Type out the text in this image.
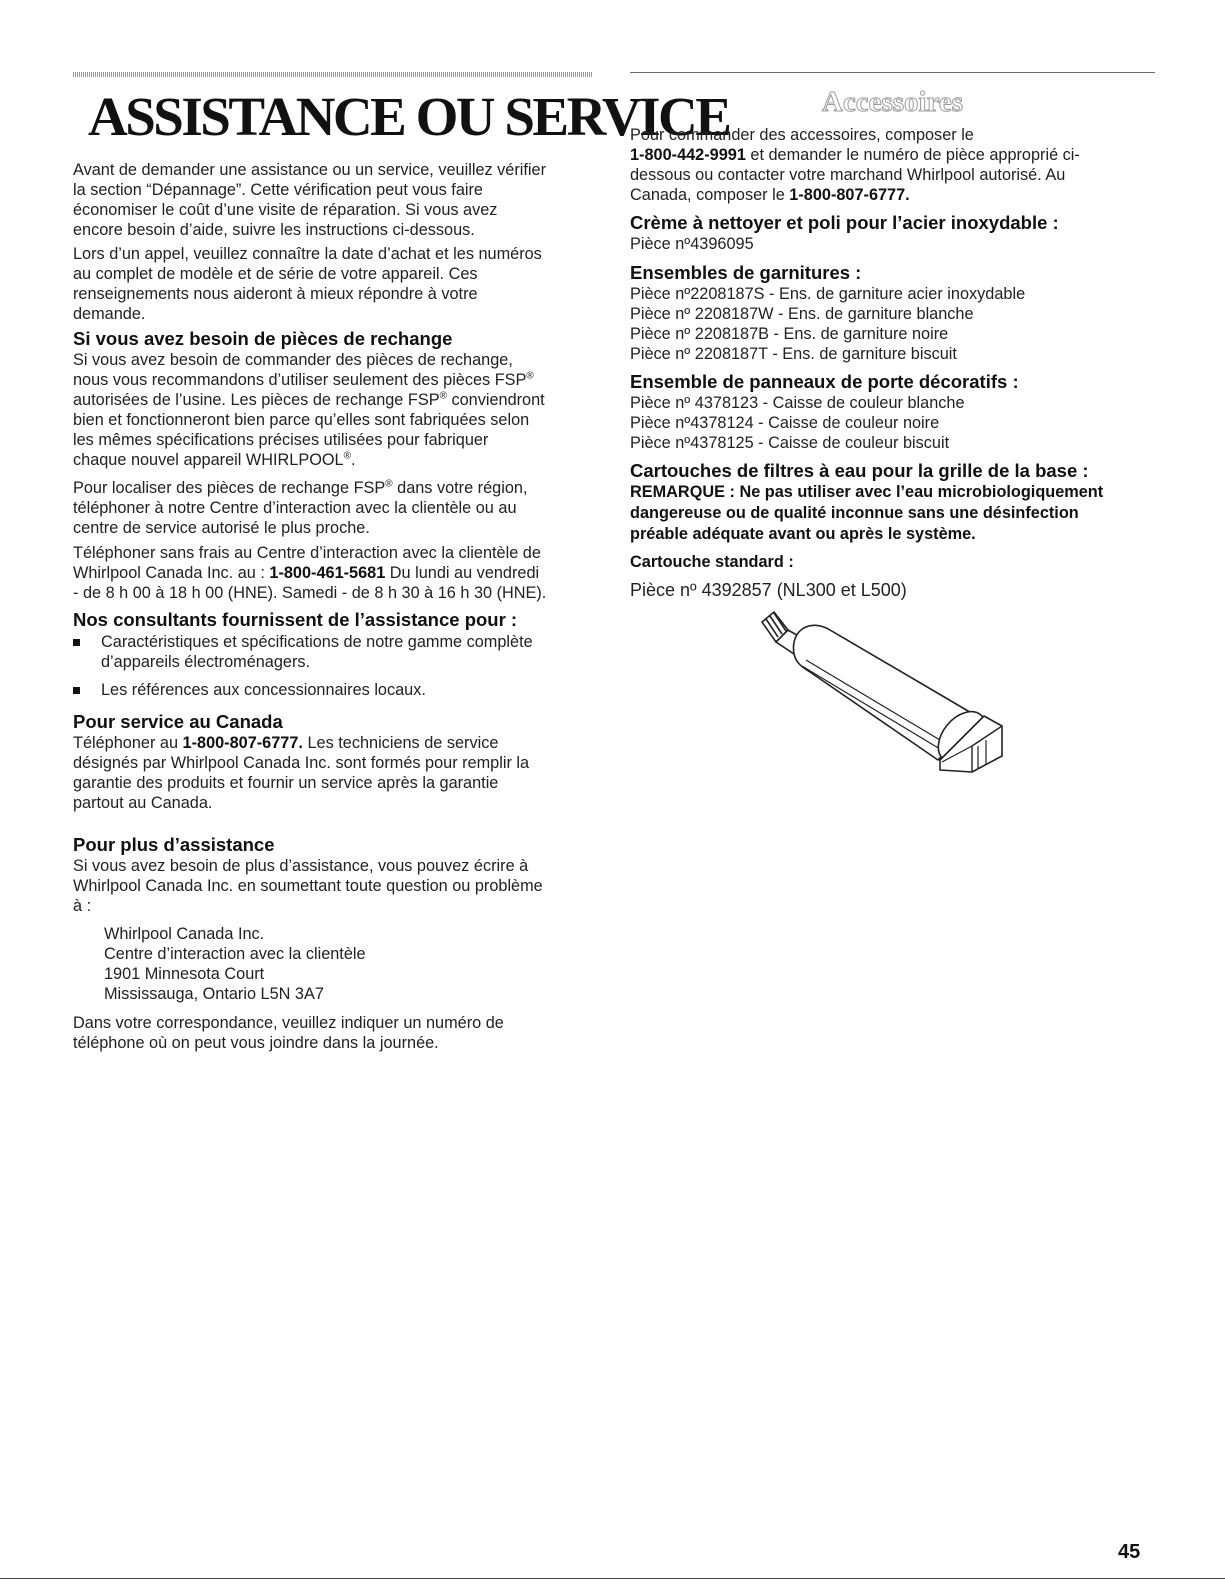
ASSISTANCE OU SERVICE	Accessoires

Avant de demander une assistance ou un service, veuillez vérifier

la section “Dépannage”. Cette vérification peut vous faire

économiser le coût d’une visite de réparation. Si vous avez

encore besoin d’aide, suivre les instructions ci-dessous.

Lors d’un appel, veuillez connaître la date d’achat et les numéros

au complet de modèle et de série de votre appareil. Ces

renseignements nous aideront à mieux répondre à votre

demande.

Si vous avez besoin de pièces de rechange

Si vous avez besoin de commander des pièces de rechange,

nous vous recommandons d’utiliser seulement des pièces FSP®

autorisées de l’usine. Les pièces de rechange FSP® conviendront

bien et fonctionneront bien parce qu’elles sont fabriquées selon

les mêmes spécifications précises utilisées pour fabriquer

chaque nouvel appareil WHIRLPOOL®.

Pour localiser des pièces de rechange FSP® dans votre région,

téléphoner à notre Centre d’interaction avec la clientèle ou au

centre de service autorisé le plus proche.

Téléphoner sans frais au Centre d’interaction avec la clientèle de

Whirlpool Canada Inc. au : 1-800-461-5681 Du lundi au vendredi

- de 8 h 00 à 18 h 00 (HNE). Samedi - de 8 h 30 à 16 h 30 (HNE).

Nos consultants fournissent de l’assistance pour :

Caractéristiques et spécifications de notre gamme complète

d’appareils électroménagers.

Les références aux concessionnaires locaux.

Pour service au Canada

Téléphoner au 1-800-807-6777. Les techniciens de service

désignés par Whirlpool Canada Inc. sont formés pour remplir la

garantie des produits et fournir un service après la garantie

partout au Canada.

Pour plus d’assistance

Si vous avez besoin de plus d’assistance, vous pouvez écrire à

Whirlpool Canada Inc. en soumettant toute question ou problème

à :

Whirlpool Canada Inc.

Centre d’interaction avec la clientèle

1901 Minnesota Court

Mississauga, Ontario L5N 3A7

Dans votre correspondance, veuillez indiquer un numéro de

téléphone où on peut vous joindre dans la journée.

Pour commander des accessoires, composer le

1-800-442-9991 et demander le numéro de pièce approprié ci-

dessous ou contacter votre marchand Whirlpool autorisé. Au

Canada, composer le 1-800-807-6777.

Crème à nettoyer et poli pour l’acier inoxydable :

Pièce nº4396095

Ensembles de garnitures :

Pièce nº2208187S - Ens. de garniture acier inoxydable

Pièce nº 2208187W - Ens. de garniture blanche

Pièce nº 2208187B - Ens. de garniture noire

Pièce nº 2208187T - Ens. de garniture biscuit

Ensemble de panneaux de porte décoratifs :

Pièce nº 4378123 - Caisse de couleur blanche

Pièce nº4378124 - Caisse de couleur noire

Pièce nº4378125 - Caisse de couleur biscuit

Cartouches de filtres à eau pour la grille de la base :

REMARQUE : Ne pas utiliser avec l’eau microbiologiquement

dangereuse ou de qualité inconnue sans une désinfection

préable adéquate avant ou après le système.

Cartouche standard :

Pièce nº 4392857 (NL300 et L500)

45
